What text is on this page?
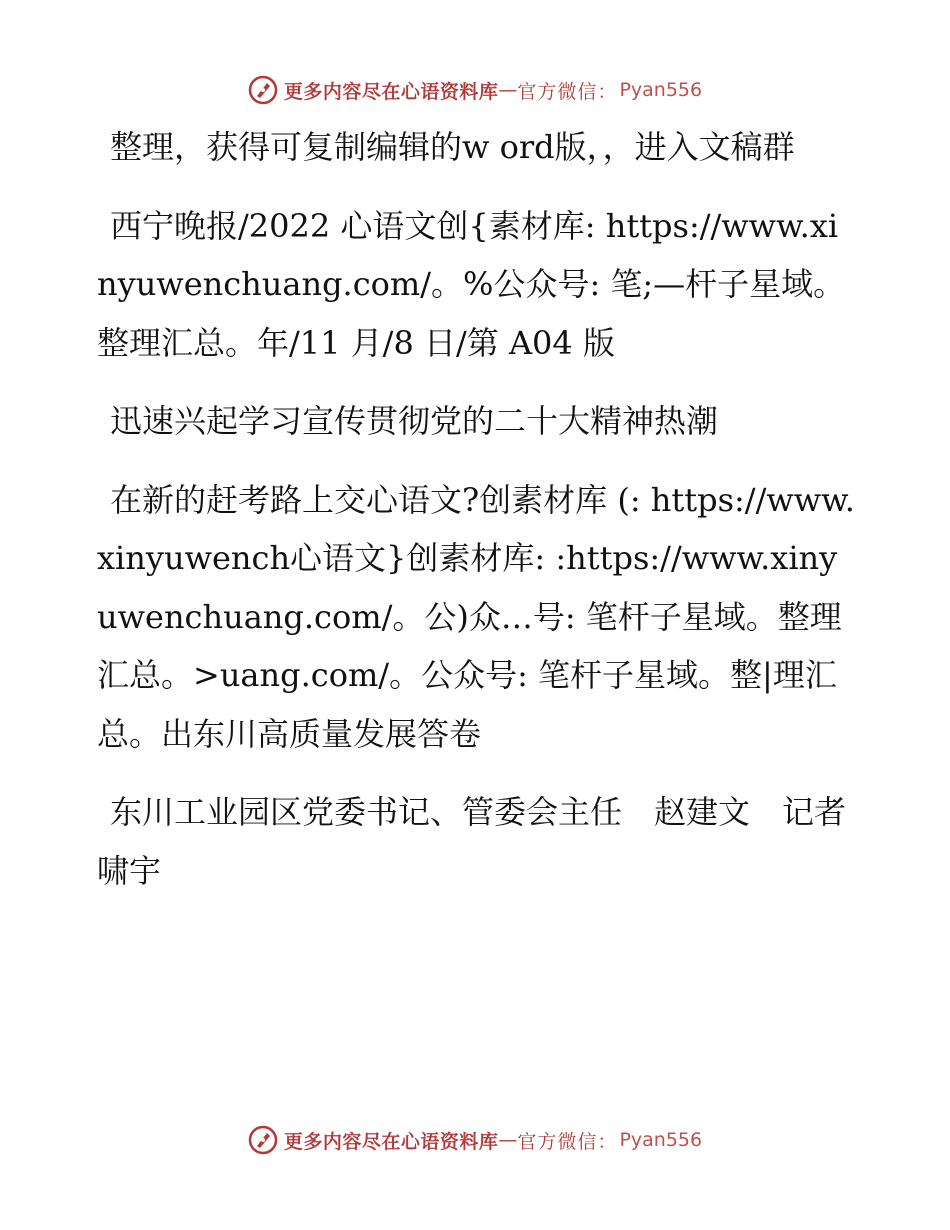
更多内容尽在心语资料库 — 官方微信： Pyan556

整理，获得可复制编辑的w ord版，，进入文稿群

西宁晚报/2022 心语文创{素材库: https://www.xinyuwenchuang.com/。%公众号: 笔;—杆子星域。整理汇总。年/11 月/8 日/第 A04 版

迅速兴起学习宣传贯彻党的二十大精神热潮

在新的赶考路上交心语文?创素材库 (: https://www.xinyuwench心语文}创素材库: :https://www.xinyuwenchuang.com/。公)众…号: 笔杆子星域。整理汇总。>uang.com/。公众号: 笔杆子星域。整|理汇总。出东川高质量发展答卷

东川工业园区党委书记、管委会主任　赵建文　记者　啸宇

更多内容尽在心语资料库 — 官方微信： Pyan556
